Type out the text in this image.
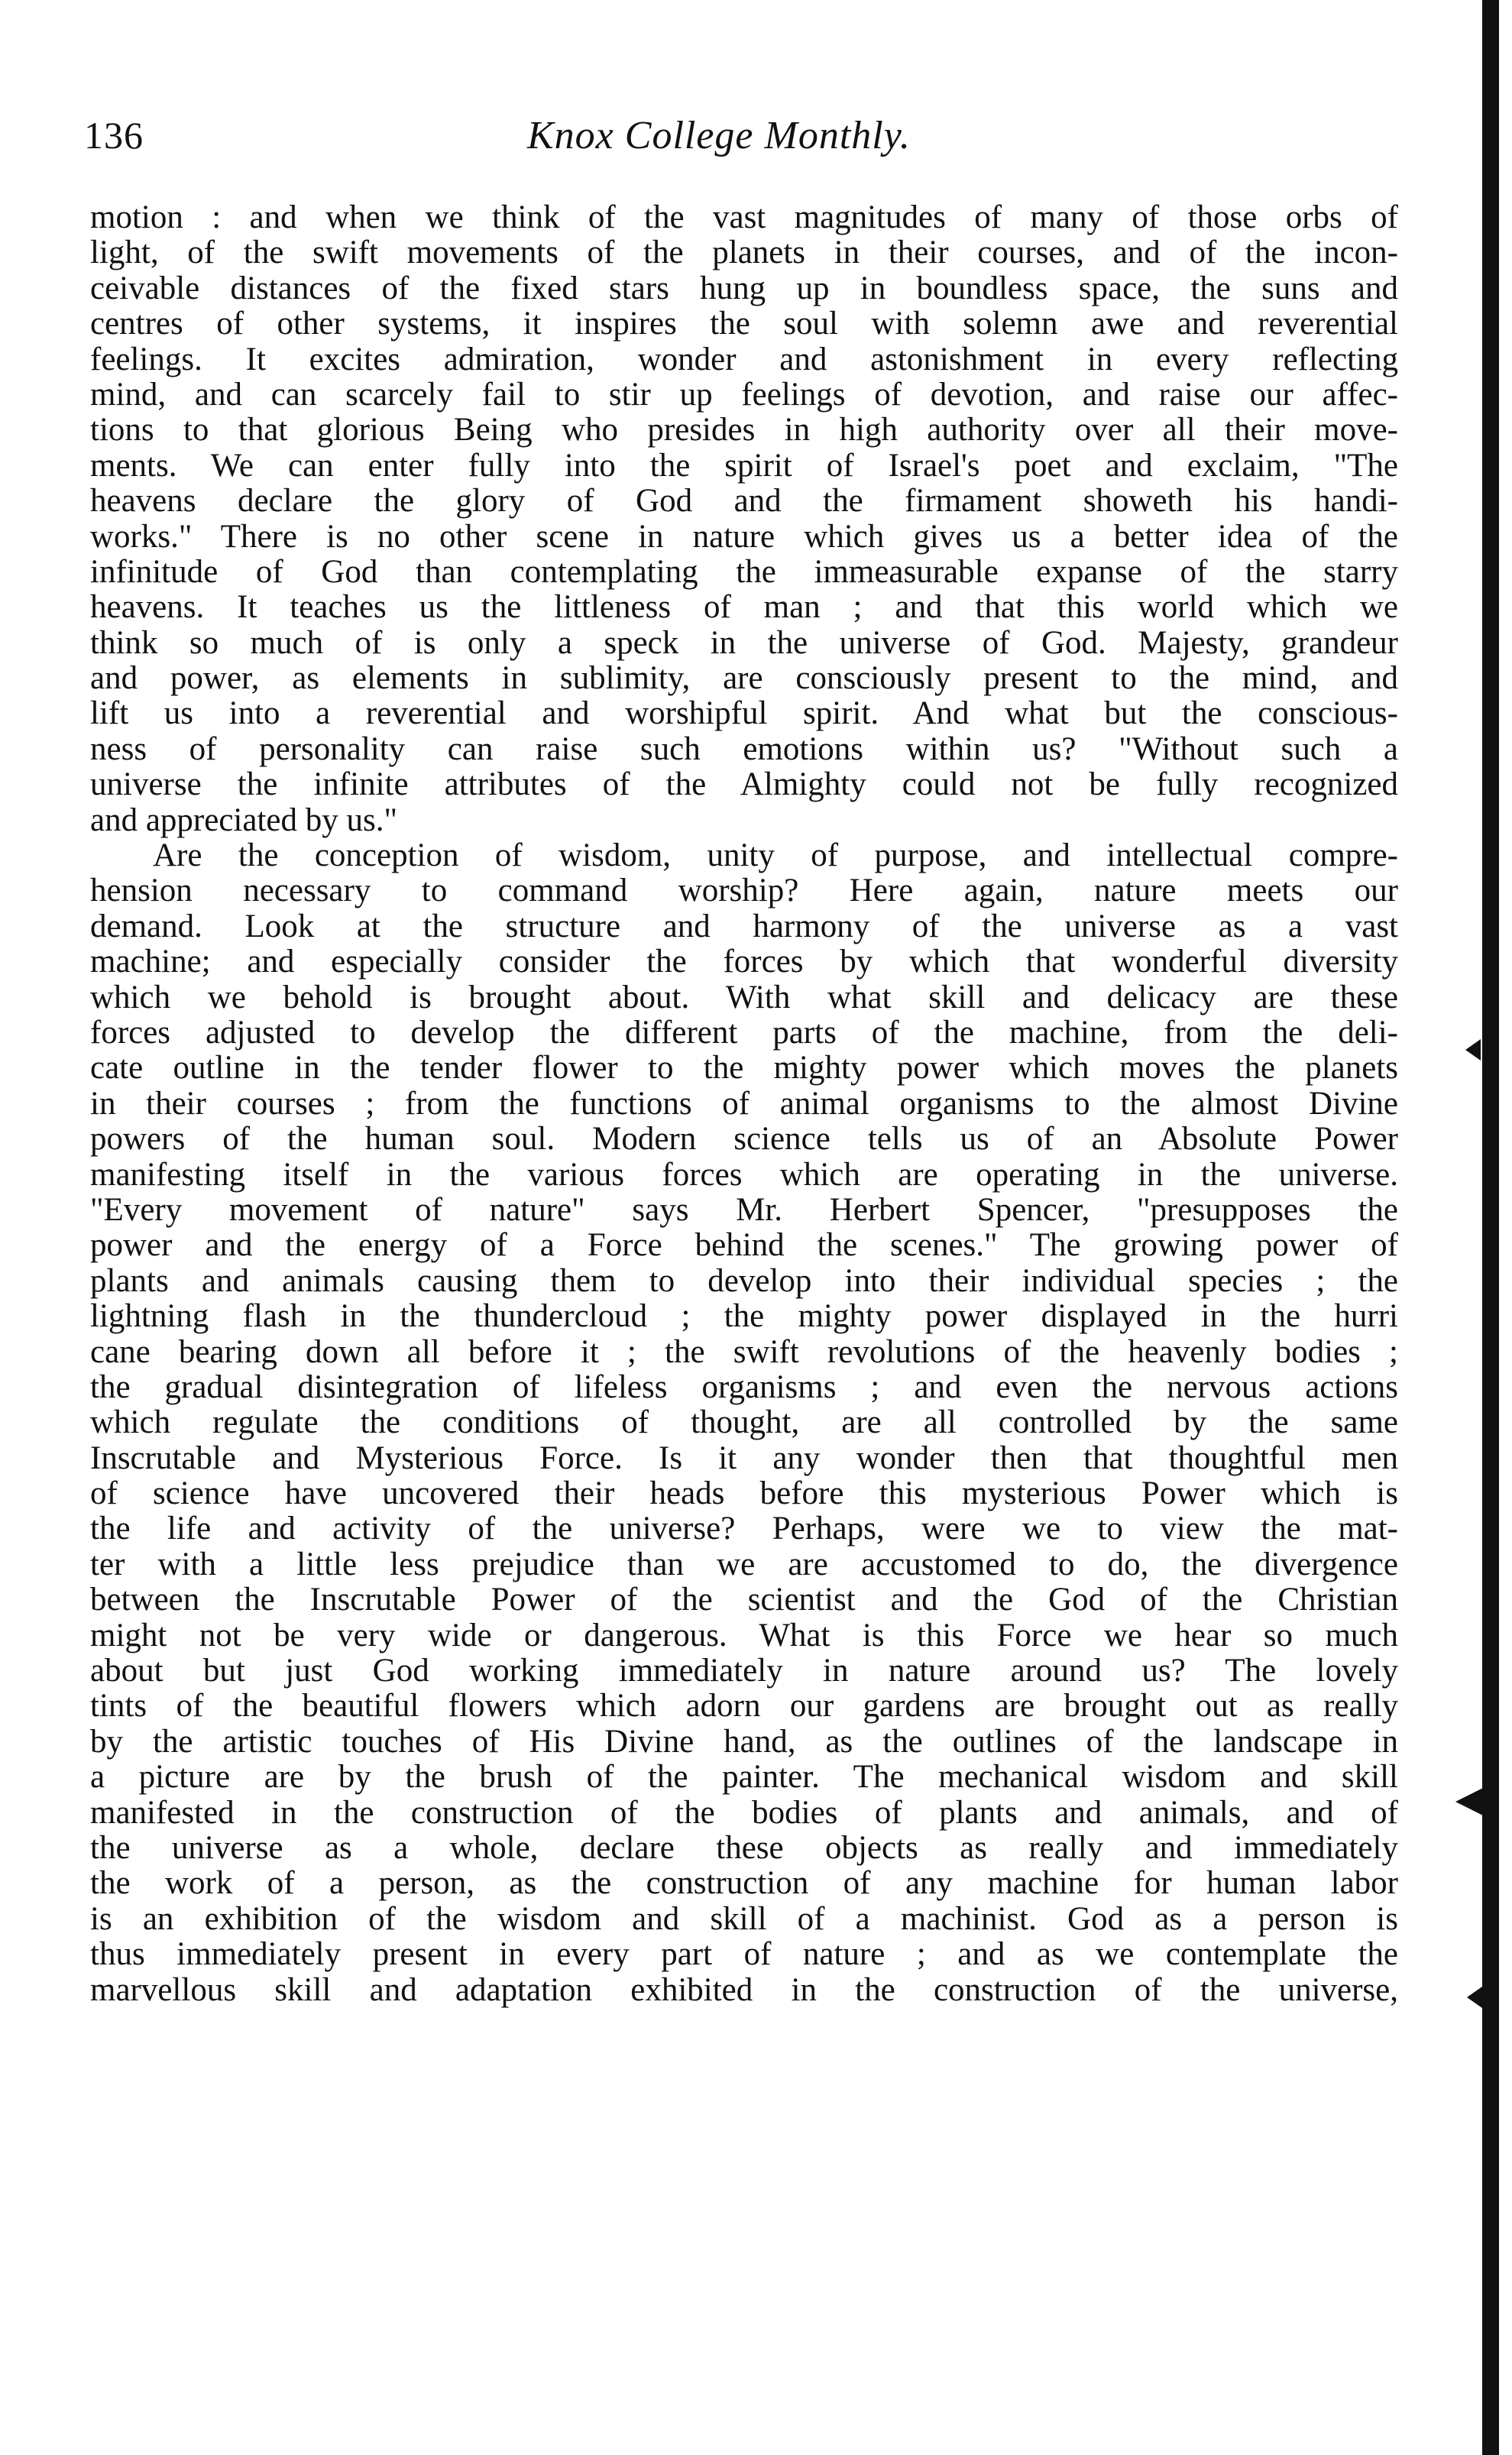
136	Knox College Monthly.
motion : and when we think of the vast magnitudes of many of those orbs of
light, of the swift movements of the planets in their courses, and of the incon-
ceivable distances of the fixed stars hung up in boundless space, the suns and
centres of other systems, it inspires the soul with solemn awe and reverential
feelings. It excites admiration, wonder and astonishment in every reflecting
mind, and can scarcely fail to stir up feelings of devotion, and raise our affec-
tions to that glorious Being who presides in high authority over all their move-
ments. We can enter fully into the spirit of Israel's poet and exclaim, "The
heavens declare the glory of God and the firmament showeth his handi-
works." There is no other scene in nature which gives us a better idea of the
infinitude of God than contemplating the immeasurable expanse of the starry
heavens. It teaches us the littleness of man ; and that this world which we
think so much of is only a speck in the universe of God. Majesty, grandeur
and power, as elements in sublimity, are consciously present to the mind, and
lift us into a reverential and worshipful spirit. And what but the conscious-
ness of personality can raise such emotions within us? "Without such a
universe the infinite attributes of the Almighty could not be fully recognized
and appreciated by us."
Are the conception of wisdom, unity of purpose, and intellectual compre-
hension necessary to command worship? Here again, nature meets our
demand. Look at the structure and harmony of the universe as a vast
machine; and especially consider the forces by which that wonderful diversity
which we behold is brought about. With what skill and delicacy are these
forces adjusted to develop the different parts of the machine, from the deli-
cate outline in the tender flower to the mighty power which moves the planets
in their courses ; from the functions of animal organisms to the almost Divine
powers of the human soul. Modern science tells us of an Absolute Power
manifesting itself in the various forces which are operating in the universe.
"Every movement of nature" says Mr. Herbert Spencer, "presupposes the
power and the energy of a Force behind the scenes." The growing power of
plants and animals causing them to develop into their individual species ; the
lightning flash in the thundercloud ; the mighty power displayed in the hurri
cane bearing down all before it ; the swift revolutions of the heavenly bodies ;
the gradual disintegration of lifeless organisms ; and even the nervous actions
which regulate the conditions of thought, are all controlled by the same
Inscrutable and Mysterious Force. Is it any wonder then that thoughtful men
of science have uncovered their heads before this mysterious Power which is
the life and activity of the universe? Perhaps, were we to view the mat-
ter with a little less prejudice than we are accustomed to do, the divergence
between the Inscrutable Power of the scientist and the God of the Christian
might not be very wide or dangerous. What is this Force we hear so much
about but just God working immediately in nature around us? The lovely
tints of the beautiful flowers which adorn our gardens are brought out as really
by the artistic touches of His Divine hand, as the outlines of the landscape in
a picture are by the brush of the painter. The mechanical wisdom and skill
manifested in the construction of the bodies of plants and animals, and of
the universe as a whole, declare these objects as really and immediately
the work of a person, as the construction of any machine for human labor
is an exhibition of the wisdom and skill of a machinist. God as a person is
thus immediately present in every part of nature ; and as we contemplate the
marvellous skill and adaptation exhibited in the construction of the universe,
